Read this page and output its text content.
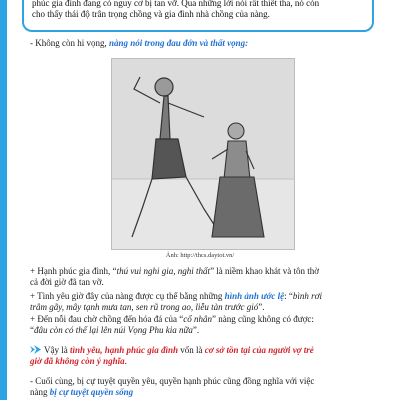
phúc gia đình đang có nguy cơ bị tan vỡ. Qua những lời nói rất thiết tha, nó còn

cho thấy thái độ trân trọng chồng và gia đình nhà chồng của nàng.

- Không còn hi vọng, nàng nói trong đau đớn và thất vọng:
Ảnh: http://thcs.daytot.vn/
+ Hạnh phúc gia đình, “thú vui nghi gia, nghi thất” là niềm khao khát và tôn thờ
cả đời giờ đã tan vỡ.
+ Tình yêu giờ đây của nàng được cụ thể bằng những hình ảnh ước lệ: “bình rơi
trâm gãy, mây tạnh mưa tan, sen rũ trong ao, liễu tàn trước gió”.
+ Đến nỗi đau chờ chồng đến hóa đá của “cổ nhân” nàng cũng không có được:
“đâu còn có thể lại lên núi Vọng Phu kia nữa”.
Vậy là tình yêu, hạnh phúc gia đình vốn là cơ sở tồn tại của người vợ trẻ
giờ đã không còn ý nghĩa.
- Cuối cùng, bị cự tuyệt quyền yêu, quyền hạnh phúc cũng đồng nghĩa với việc
nàng bị cự tuyệt quyền sống
